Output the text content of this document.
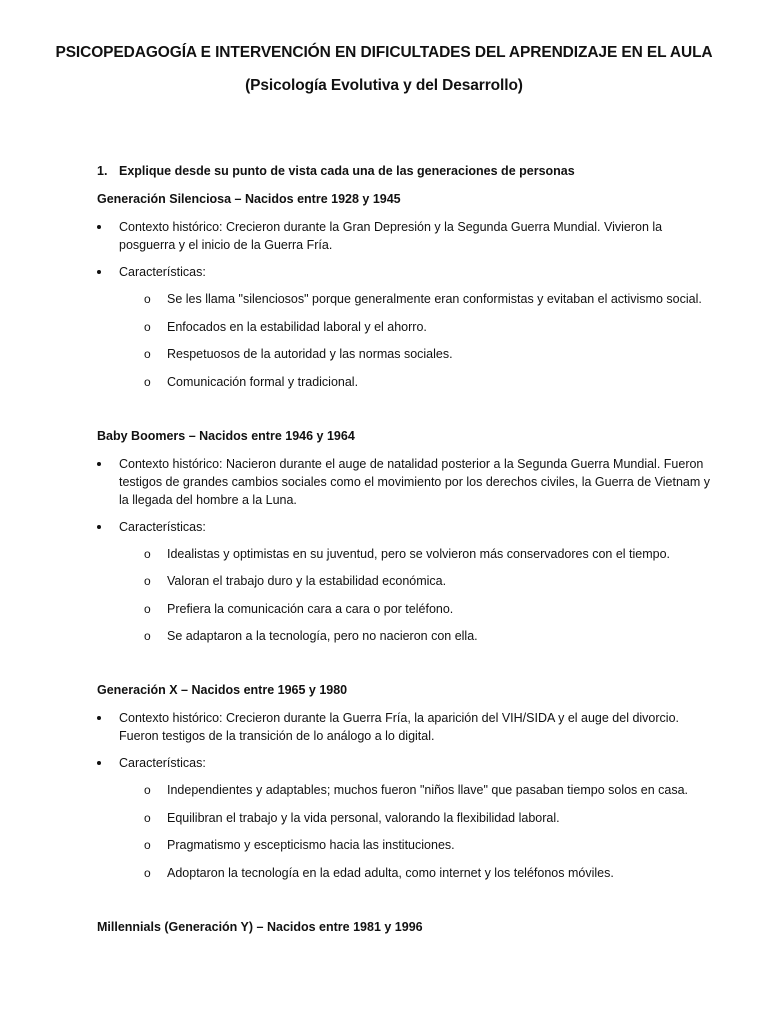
PSICOPEDAGOGÍA E INTERVENCIÓN EN DIFICULTADES DEL APRENDIZAJE EN EL AULA
(Psicología Evolutiva y del Desarrollo)
1. Explique desde su punto de vista cada una de las generaciones de personas
Generación Silenciosa – Nacidos entre 1928 y 1945
Contexto histórico: Crecieron durante la Gran Depresión y la Segunda Guerra Mundial. Vivieron la posguerra y el inicio de la Guerra Fría.
Características:
o	Se les llama "silenciosos" porque generalmente eran conformistas y evitaban el activismo social.
o	Enfocados en la estabilidad laboral y el ahorro.
o	Respetuosos de la autoridad y las normas sociales.
o	Comunicación formal y tradicional.
Baby Boomers – Nacidos entre 1946 y 1964
Contexto histórico: Nacieron durante el auge de natalidad posterior a la Segunda Guerra Mundial. Fueron testigos de grandes cambios sociales como el movimiento por los derechos civiles, la Guerra de Vietnam y la llegada del hombre a la Luna.
Características:
o	Idealistas y optimistas en su juventud, pero se volvieron más conservadores con el tiempo.
o	Valoran el trabajo duro y la estabilidad económica.
o	Prefiera la comunicación cara a cara o por teléfono.
o	Se adaptaron a la tecnología, pero no nacieron con ella.
Generación X – Nacidos entre 1965 y 1980
Contexto histórico: Crecieron durante la Guerra Fría, la aparición del VIH/SIDA y el auge del divorcio. Fueron testigos de la transición de lo análogo a lo digital.
Características:
o	Independientes y adaptables; muchos fueron "niños llave" que pasaban tiempo solos en casa.
o	Equilibran el trabajo y la vida personal, valorando la flexibilidad laboral.
o	Pragmatismo y escepticismo hacia las instituciones.
o	Adoptaron la tecnología en la edad adulta, como internet y los teléfonos móviles.
Millennials (Generación Y) – Nacidos entre 1981 y 1996
